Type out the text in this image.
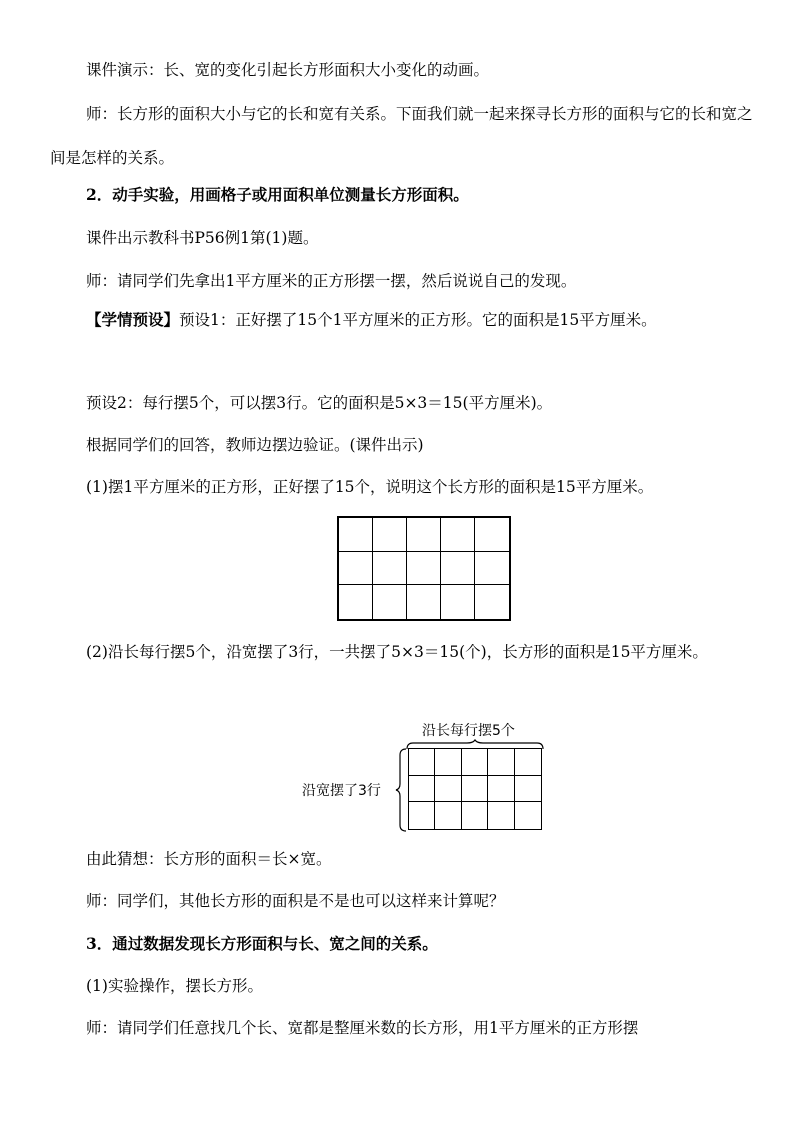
课件演示：长、宽的变化引起长方形面积大小变化的动画。
师：长方形的面积大小与它的长和宽有关系。下面我们就一起来探寻长方形的面积与它的长和宽之间是怎样的关系。
2．动手实验，用画格子或用面积单位测量长方形面积。
课件出示教科书P56例1第(1)题。
师：请同学们先拿出1平方厘米的正方形摆一摆，然后说说自己的发现。
【学情预设】预设1：正好摆了15个1平方厘米的正方形。它的面积是15平方厘米。
预设2：每行摆5个，可以摆3行。它的面积是5×3＝15(平方厘米)。
根据同学们的回答，教师边摆边验证。(课件出示)
(1)摆1平方厘米的正方形，正好摆了15个，说明这个长方形的面积是15平方厘米。
(2)沿长每行摆5个，沿宽摆了3行，一共摆了5×3＝15(个)，长方形的面积是15平方厘米。
沿长每行摆5个
沿宽摆了3行
由此猜想：长方形的面积＝长×宽。
师：同学们，其他长方形的面积是不是也可以这样来计算呢？
3．通过数据发现长方形面积与长、宽之间的关系。
(1)实验操作，摆长方形。
师：请同学们任意找几个长、宽都是整厘米数的长方形，用1平方厘米的正方形摆
